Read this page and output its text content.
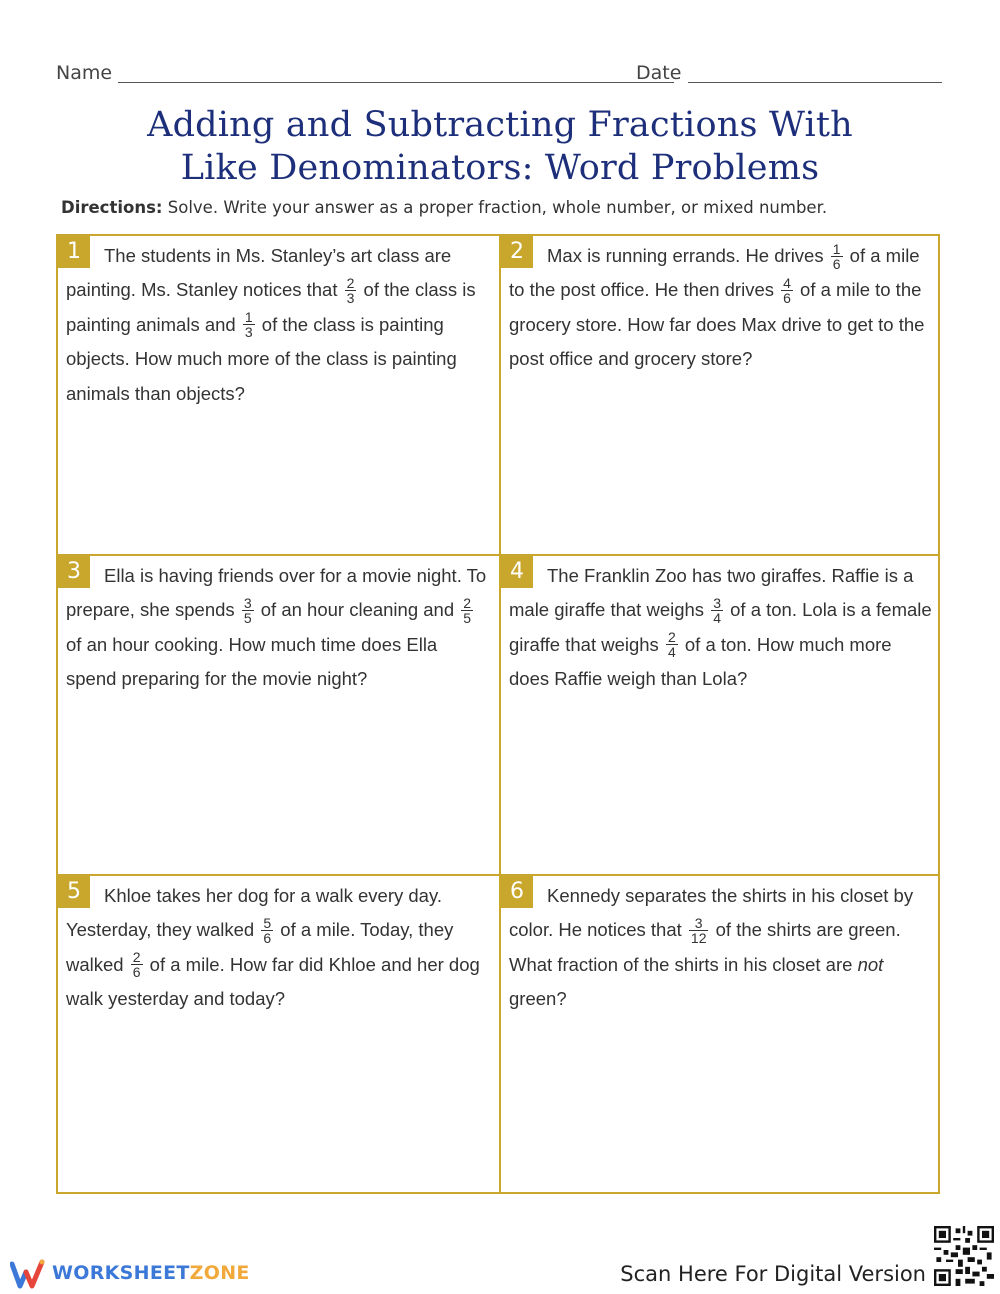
Name	Date
Adding and Subtracting Fractions With
Like Denominators: Word Problems
Directions: Solve. Write your answer as a proper fraction, whole number, or mixed number.
1	The students in Ms. Stanley’s art class are painting. Ms. Stanley notices that $\frac{2}{3}$ of the class is painting animals and $\frac{1}{3}$ of the class is painting objects. How much more of the class is painting animals than objects?
2	Max is running errands. He drives $\frac{1}{6}$ of a mile to the post office. He then drives $\frac{4}{6}$ of a mile to the grocery store. How far does Max drive to get to the post office and grocery store?
3	Ella is having friends over for a movie night. To prepare, she spends $\frac{3}{5}$ of an hour cleaning and $\frac{2}{5}$
of an hour cooking. How much time does Ella spend preparing for the movie night?
4	The Franklin Zoo has two giraffes. Raffie is a male giraffe that weighs $\frac{3}{4}$ of a ton. Lola is a female giraffe that weighs $\frac{2}{4}$ of a ton. How much more does Raffie weigh than Lola?
5	Khloe takes her dog for a walk every day. Yesterday, they walked $\frac{5}{6}$ of a mile. Today, they walked $\frac{2}{6}$ of a mile. How far did Khloe and her dog walk yesterday and today?
6	Kennedy separates the shirts in his closet by color. He notices that $\frac{3}{12}$ of the shirts are green. What fraction of the shirts in his closet are not green?
WORKSHEETZONE	Scan Here For Digital Version
